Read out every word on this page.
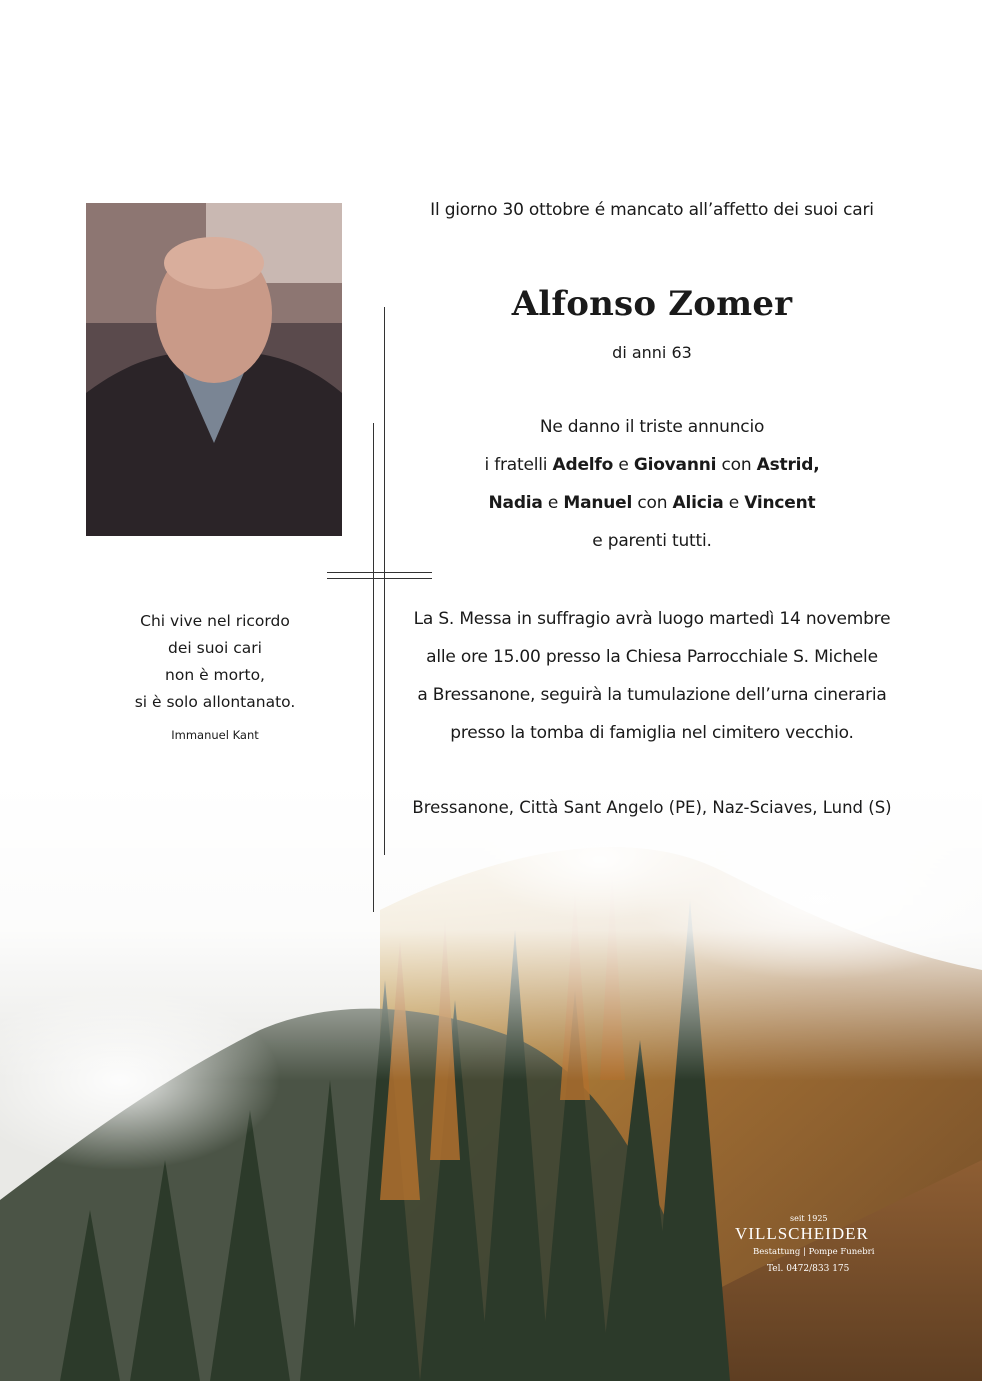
Il giorno 30 ottobre é mancato all’affetto dei suoi cari
Alfonso Zomer
di anni 63
Ne danno il triste annuncio
i fratelli Adelfo e Giovanni con Astrid,
Nadia e Manuel con Alicia e Vincent
e parenti tutti.
La S. Messa in suffragio avrà luogo martedì 14 novembre
alle ore 15.00 presso la Chiesa Parrocchiale S. Michele
a Bressanone, seguirà la tumulazione dell’urna cineraria
presso la tomba di famiglia nel cimitero vecchio.
Bressanone, Città Sant Angelo (PE), Naz-Sciaves, Lund (S)
Chi vive nel ricordo
dei suoi cari
non è morto,
si è solo allontanato.
Immanuel Kant
seit 1925
VILLSCHEIDER
Bestattung | Pompe Funebri
Tel. 0472/833 175
